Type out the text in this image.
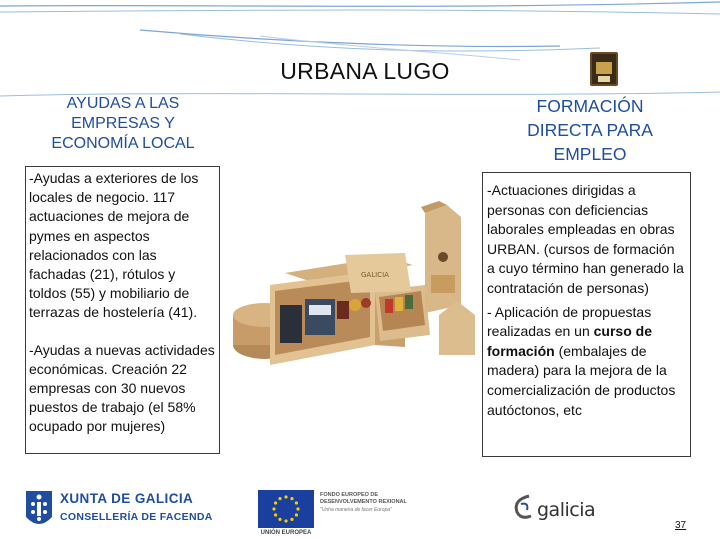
URBANA LUGO
AYUDAS A LAS
EMPRESAS Y
ECONOMÍA LOCAL

-Ayudas a exteriores de los locales de negocio. 117 actuaciones de mejora de pymes en aspectos relacionados con las fachadas (21), rótulos y toldos (55) y mobiliario de terrazas de hostelería (41).

-Ayudas a nuevas actividades económicas. Creación 22 empresas con 30 nuevos puestos de trabajo (el 58% ocupado por mujeres)

GALICIA
FORMACIÓN
DIRECTA PARA
EMPLEO

-Actuaciones dirigidas a personas con deficiencias laborales empleadas en obras URBAN. (cursos de formación a cuyo término han generado la contratación de personas)

- Aplicación de propuestas realizadas en un curso de formación (embalajes de madera) para la mejora de la comercialización de productos autóctonos, etc

XUNTA DE GALICIA
CONSELLERÍA DE FACENDA
UNIÓN EUROPEA
FONDO EUROPEO DE
DESENVOLVEMENTO REXIONAL
"Unha maneira de facer Europa"	galicia
37
